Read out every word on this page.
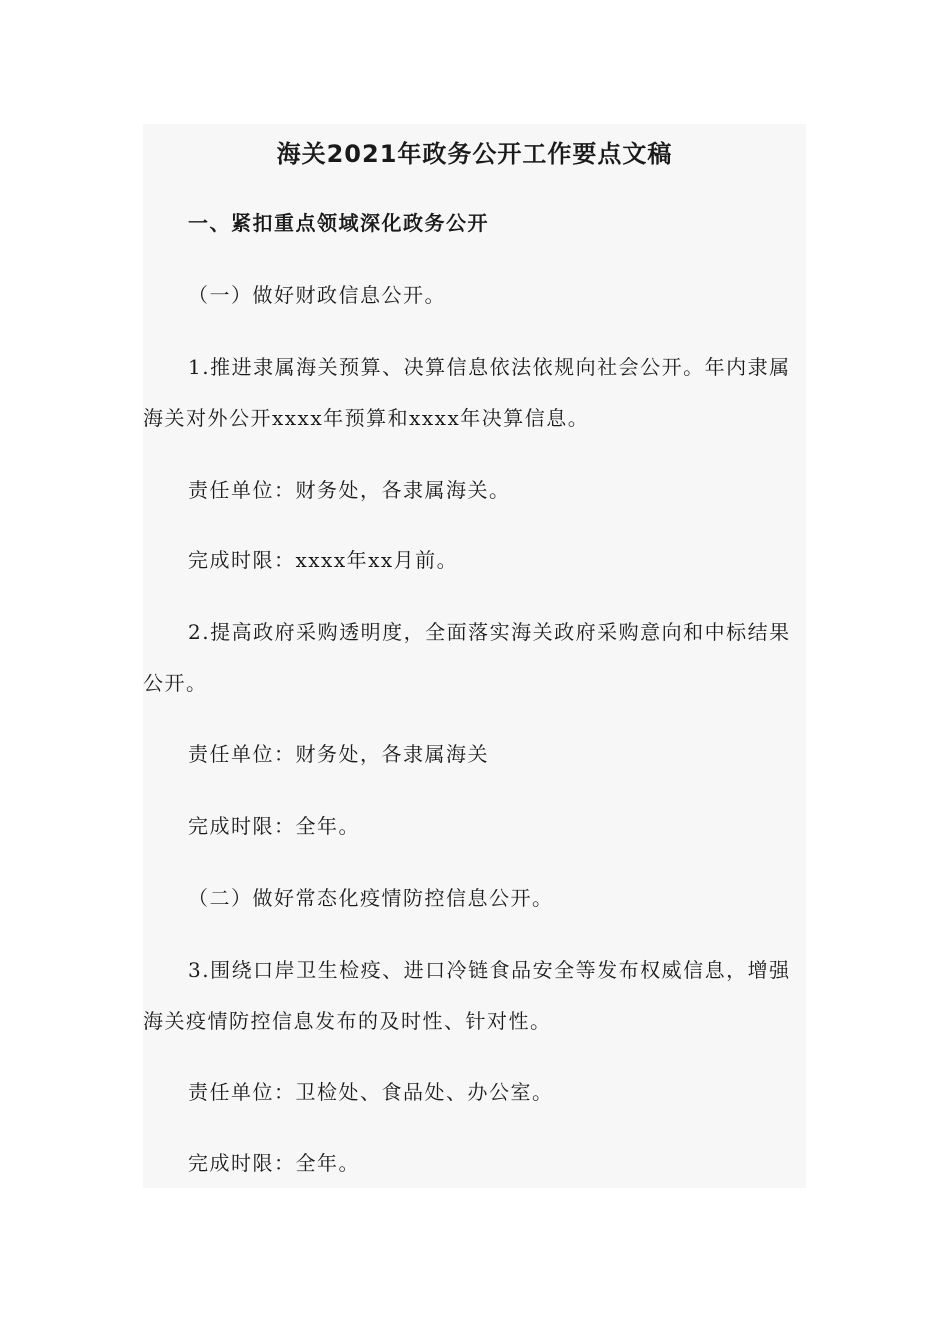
海关2021年政务公开工作要点文稿

一、紧扣重点领域深化政务公开

（一）做好财政信息公开。

1.推进隶属海关预算、决算信息依法依规向社会公开。年内隶属海关对外公开xxxx年预算和xxxx年决算信息。

责任单位：财务处，各隶属海关。

完成时限：xxxx年xx月前。

2.提高政府采购透明度，全面落实海关政府采购意向和中标结果公开。

责任单位：财务处，各隶属海关

完成时限：全年。

（二）做好常态化疫情防控信息公开。

3.围绕口岸卫生检疫、进口冷链食品安全等发布权威信息，增强海关疫情防控信息发布的及时性、针对性。

责任单位：卫检处、食品处、办公室。

完成时限：全年。
